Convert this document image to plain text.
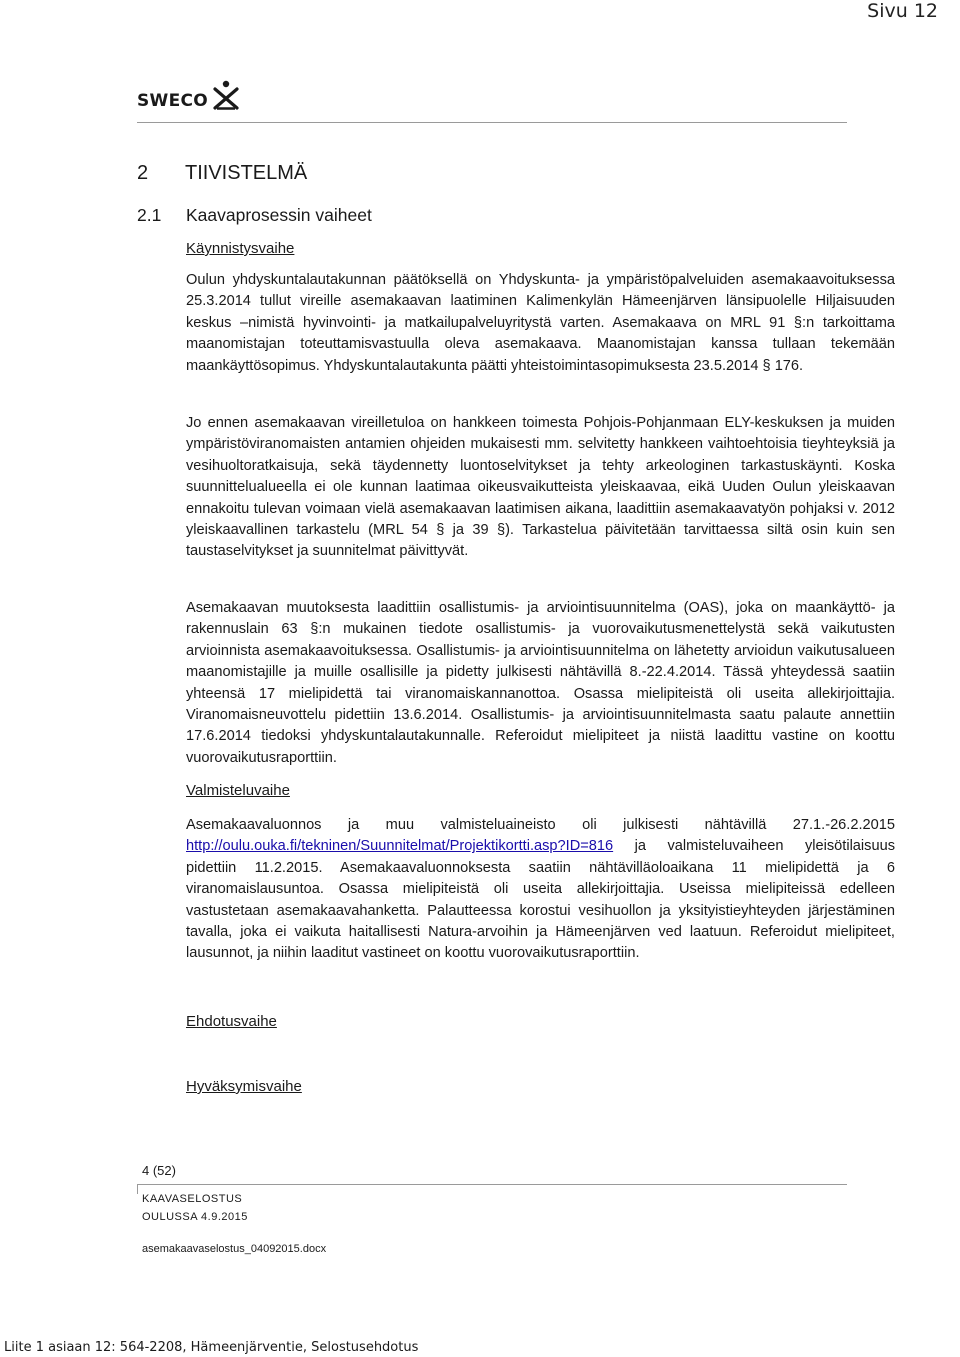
Sivu 12
SWECO
2 TIIVISTELMÄ
2.1 Kaavaprosessin vaiheet
Käynnistysvaihe
Oulun yhdyskuntalautakunnan päätöksellä on Yhdyskunta- ja ympäristöpalveluiden asemakaavoituksessa 25.3.2014 tullut vireille asemakaavan laatiminen Kalimenkylän Hämeenjärven länsipuolelle Hiljaisuuden keskus –nimistä hyvinvointi- ja matkailupalveluyritystä varten. Asemakaava on MRL 91 §:n tarkoittama maanomistajan toteuttamisvastuulla oleva asemakaava. Maanomistajan kanssa tullaan tekemään maankäyttösopimus. Yhdyskuntalautakunta päätti yhteistoimintasopimuksesta 23.5.2014 § 176.
Jo ennen asemakaavan vireilletuloa on hankkeen toimesta Pohjois-Pohjanmaan ELY-keskuksen ja muiden ympäristöviranomaisten antamien ohjeiden mukaisesti mm. selvitetty hankkeen vaihtoehtoisia tieyhteyksiä ja vesihuoltoratkaisuja, sekä täydennetty luontoselvitykset ja tehty arkeologinen tarkastuskäynti. Koska suunnittelualueella ei ole kunnan laatimaa oikeusvaikutteista yleiskaavaa, eikä Uuden Oulun yleiskaavan ennakoitu tulevan voimaan vielä asemakaavan laatimisen aikana, laadittiin asemakaavatyön pohjaksi v. 2012 yleiskaavallinen tarkastelu (MRL 54 § ja 39 §). Tarkastelua päivitetään tarvittaessa siltä osin kuin sen taustaselvitykset ja suunnitelmat päivittyvät.
Asemakaavan muutoksesta laadittiin osallistumis- ja arviointisuunnitelma (OAS), joka on maankäyttö- ja rakennuslain 63 §:n mukainen tiedote osallistumis- ja vuorovaikutusmenettelystä sekä vaikutusten arvioinnista asemakaavoituksessa. Osallistumis- ja arviointisuunnitelma on lähetetty arvioidun vaikutusalueen maanomistajille ja muille osallisille ja pidetty julkisesti nähtävillä 8.-22.4.2014. Tässä yhteydessä saatiin yhteensä 17 mielipidettä tai viranomaiskannanottoa. Osassa mielipiteistä oli useita allekirjoittajia. Viranomaisneuvottelu pidettiin 13.6.2014. Osallistumis- ja arviointisuunnitelmasta saatu palaute annettiin 17.6.2014 tiedoksi yhdyskuntalautakunnalle. Referoidut mielipiteet ja niistä laadittu vastine on koottu vuorovaikutusraporttiin.
Valmisteluvaihe
Asemakaavaluonnos ja muu valmisteluaineisto oli julkisesti nähtävillä 27.1.-26.2.2015 http://oulu.ouka.fi/tekninen/Suunnitelmat/Projektikortti.asp?ID=816 ja valmisteluvaiheen yleisötilaisuus pidettiin 11.2.2015. Asemakaavaluonnoksesta saatiin nähtävilläoloaikana 11 mielipidettä ja 6 viranomaislausuntoa. Osassa mielipiteistä oli useita allekirjoittajia. Useissa mielipiteissä edelleen vastustetaan asemakaavahanketta. Palautteessa korostui vesihuollon ja yksityistieyhteyden järjestäminen tavalla, joka ei vaikuta haitallisesti Natura-arvoihin ja Hämeenjärven ved laatuun. Referoidut mielipiteet, lausunnot, ja niihin laaditut vastineet on koottu vuorovaikutusraporttiin.
Ehdotusvaihe
Hyväksymisvaihe
4 (52)
KAAVASELOSTUS
OULUSSA 4.9.2015
asemakaavaselostus_04092015.docx
Liite 1 asiaan 12: 564-2208, Hämeenjärventie, Selostusehdotus
